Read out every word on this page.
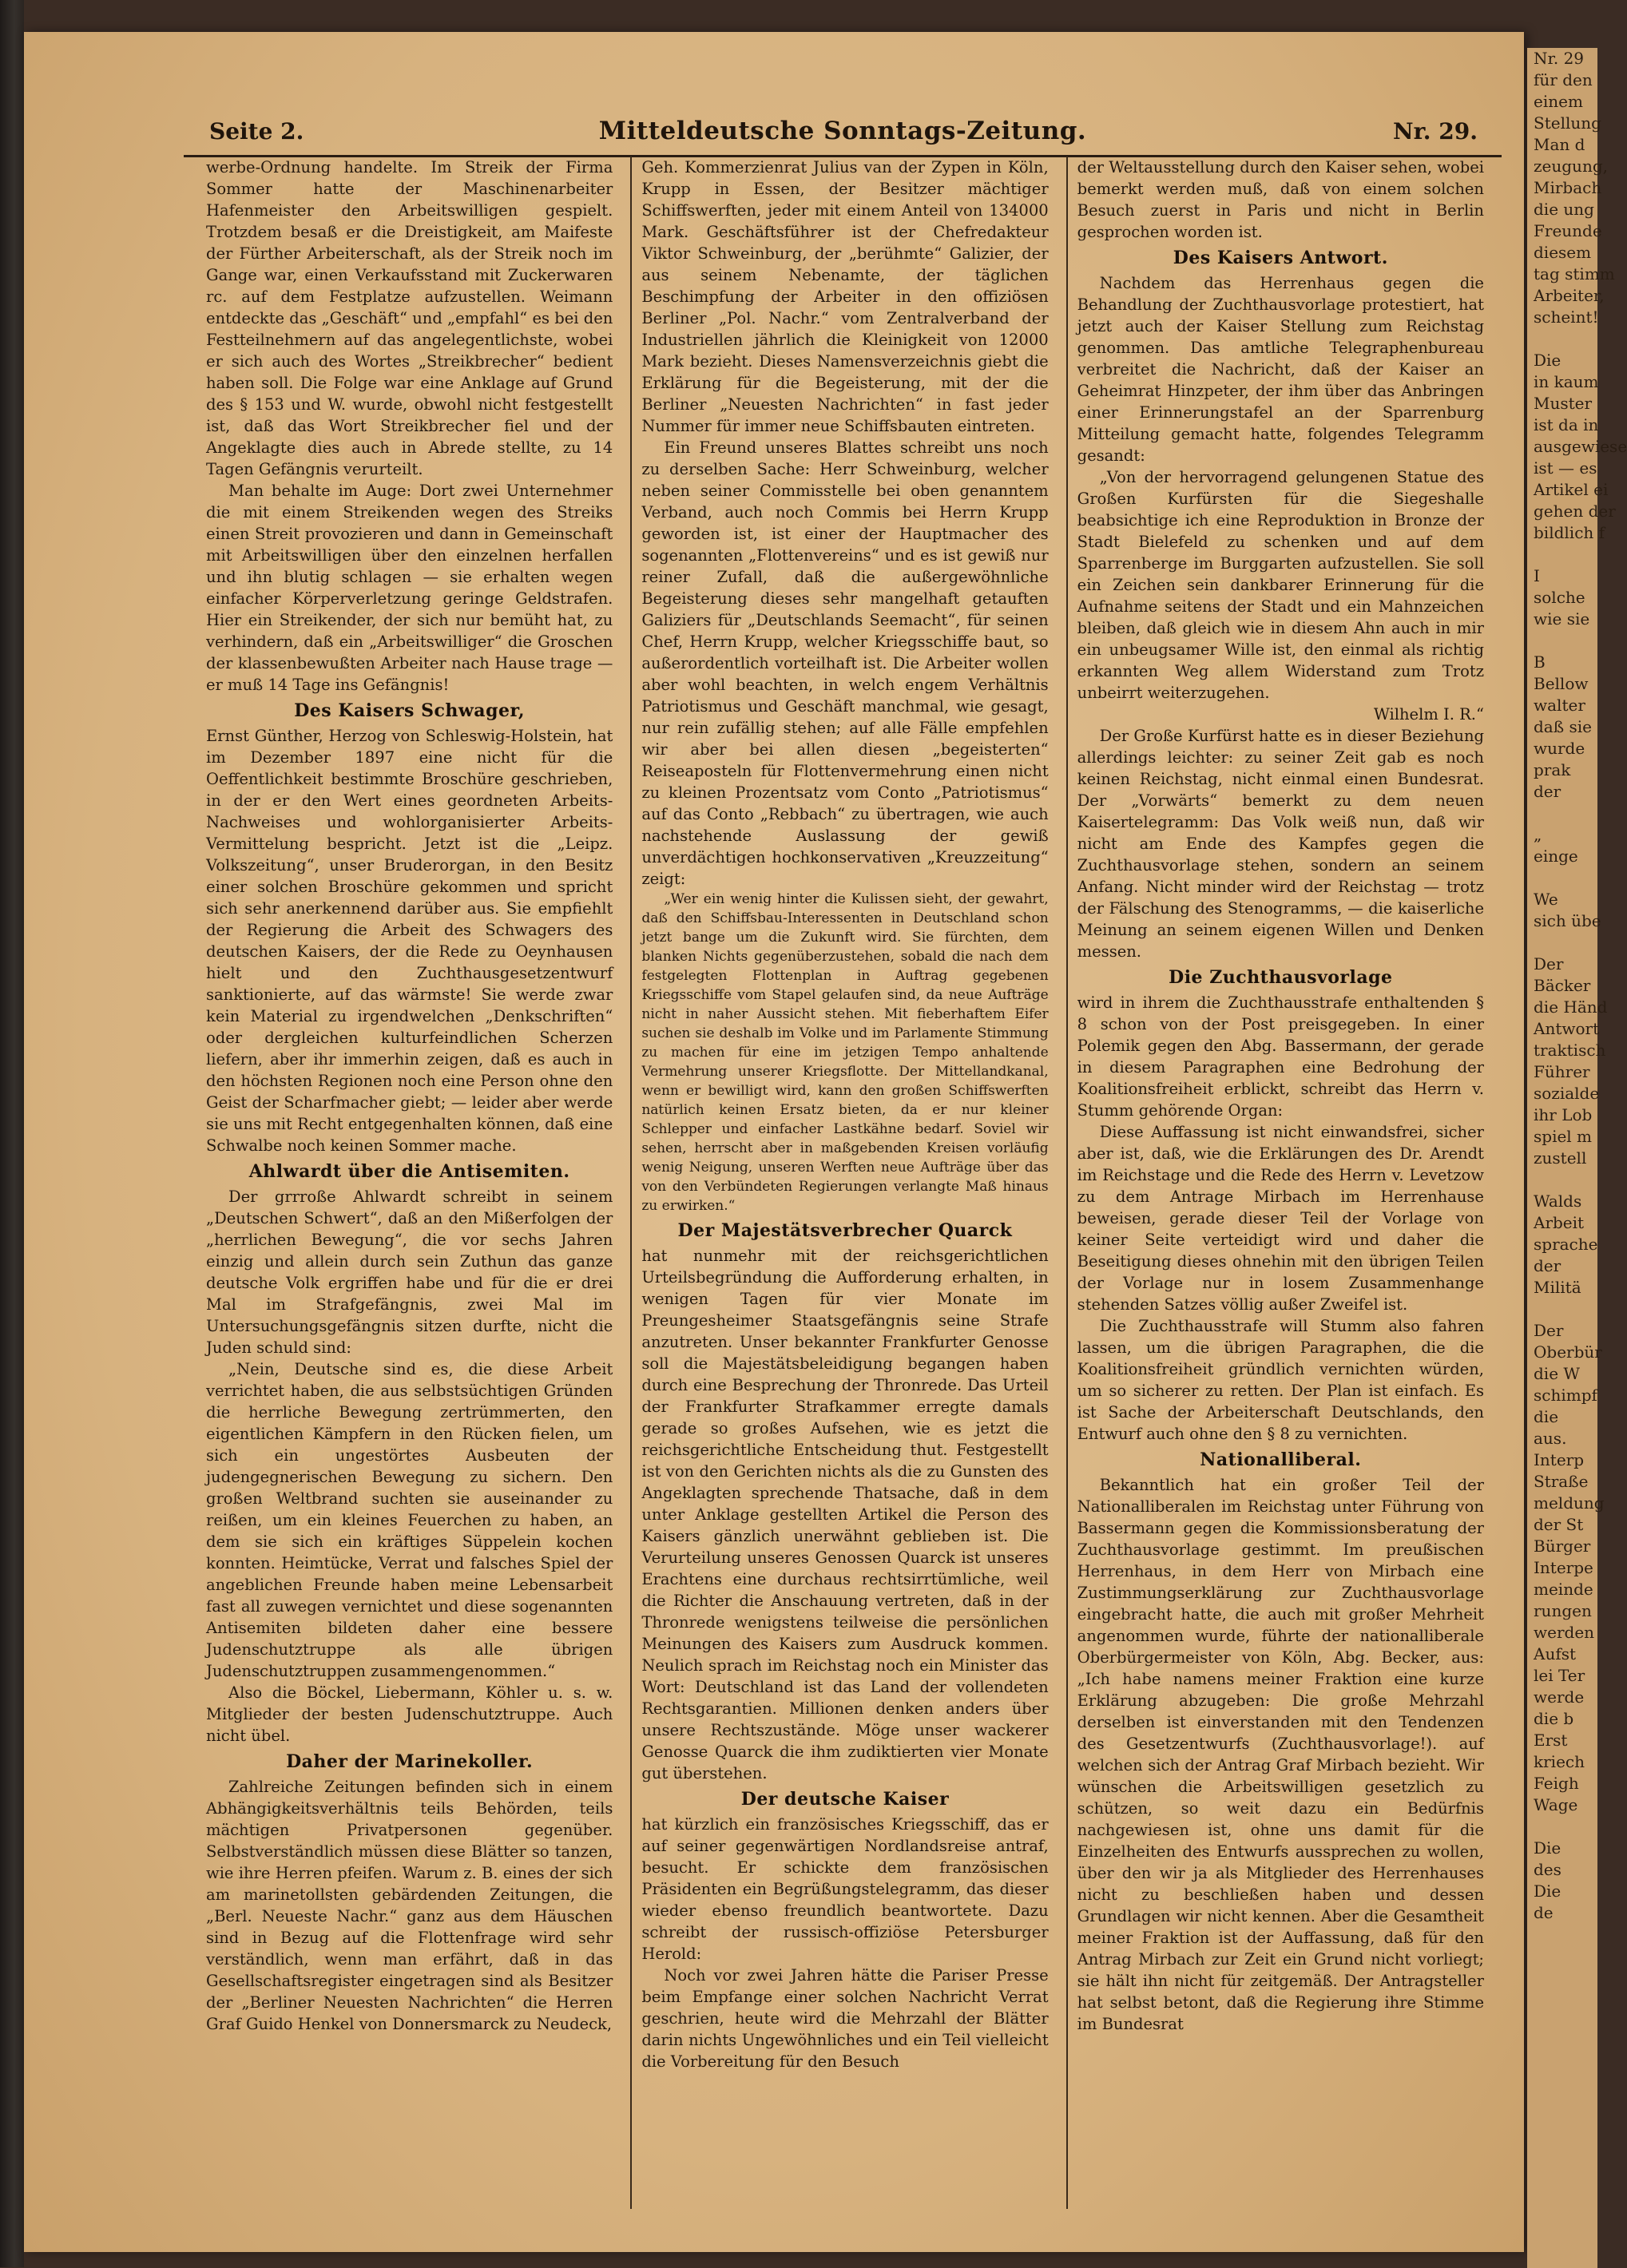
Nr. 29
für den
einem
Stellung
Man d
zeugung,
Mirbach
die ung
Freunde
diesem
tag stimm
Arbeiter,
scheint!

Die
in kaum
Muster
ist da in
ausgewiese
ist — es
Artikel ei
gehen der
bildlich f

I
solche
wie sie

B
Bellow
walter
daß sie
wurde
prak
der

„
einge

We
sich übe

Der
Bäcker
die Händ
Antwort
traktisch
Führer
sozialde
ihr Lob
spiel m
zustell

Walds
Arbeit
sprache
der
Militä

Der
Oberbür
die W
schimpf
die
aus.
Interp
Straße
meldung
der St
Bürger
Interpe
meinde
rungen
werden
Aufst
lei Ter
werde
die b
Erst
kriech
Feigh
Wage

Die
des
Die
de
Seite 2.	Mitteldeutsche Sonntags-Zeitung.	Nr. 29.

werbe-Ordnung handelte. Im Streik der Firma Sommer hatte der Maschinenarbeiter Hafenmeister den Arbeitswilligen gespielt. Trotzdem besaß er die Dreistigkeit, am Maifeste der Fürther Arbeiterschaft, als der Streik noch im Gange war, einen Verkaufsstand mit Zuckerwaren rc. auf dem Festplatze aufzustellen. Weimann entdeckte das „Geschäft“ und „empfahl“ es bei den Festteilnehmern auf das angelegentlichste, wobei er sich auch des Wortes „Streikbrecher“ bedient haben soll. Die Folge war eine Anklage auf Grund des § 153 und W. wurde, obwohl nicht festgestellt ist, daß das Wort Streikbrecher fiel und der Angeklagte dies auch in Abrede stellte, zu 14 Tagen Gefängnis verurteilt.

Man behalte im Auge: Dort zwei Unternehmer die mit einem Streikenden wegen des Streiks einen Streit provozieren und dann in Gemeinschaft mit Arbeitswilligen über den einzelnen herfallen und ihn blutig schlagen — sie erhalten wegen einfacher Körperverletzung geringe Geldstrafen. Hier ein Streikender, der sich nur bemüht hat, zu verhindern, daß ein „Arbeitswilliger“ die Groschen der klassenbewußten Arbeiter nach Hause trage — er muß 14 Tage ins Gefängnis!

Des Kaisers Schwager,

Ernst Günther, Herzog von Schleswig-Holstein, hat im Dezember 1897 eine nicht für die Oeffentlichkeit bestimmte Broschüre geschrieben, in der er den Wert eines geordneten Arbeits-Nachweises und wohlorganisierter Arbeits-Vermittelung bespricht. Jetzt ist die „Leipz. Volkszeitung“, unser Bruderorgan, in den Besitz einer solchen Broschüre gekommen und spricht sich sehr anerkennend darüber aus. Sie empfiehlt der Regierung die Arbeit des Schwagers des deutschen Kaisers, der die Rede zu Oeynhausen hielt und den Zuchthausgesetzentwurf sanktionierte, auf das wärmste! Sie werde zwar kein Material zu irgendwelchen „Denkschriften“ oder dergleichen kulturfeindlichen Scherzen liefern, aber ihr immerhin zeigen, daß es auch in den höchsten Regionen noch eine Person ohne den Geist der Scharfmacher giebt; — leider aber werde sie uns mit Recht entgegenhalten können, daß eine Schwalbe noch keinen Sommer mache.

Ahlwardt über die Antisemiten.

Der grrroße Ahlwardt schreibt in seinem „Deutschen Schwert“, daß an den Mißerfolgen der „herrlichen Bewegung“, die vor sechs Jahren einzig und allein durch sein Zuthun das ganze deutsche Volk ergriffen habe und für die er drei Mal im Strafgefängnis, zwei Mal im Untersuchungsgefängnis sitzen durfte, nicht die Juden schuld sind:

„Nein, Deutsche sind es, die diese Arbeit verrichtet haben, die aus selbstsüchtigen Gründen die herrliche Bewegung zertrümmerten, den eigentlichen Kämpfern in den Rücken fielen, um sich ein ungestörtes Ausbeuten der judengegnerischen Bewegung zu sichern. Den großen Weltbrand suchten sie auseinander zu reißen, um ein kleines Feuerchen zu haben, an dem sie sich ein kräftiges Süppelein kochen konnten. Heimtücke, Verrat und falsches Spiel der angeblichen Freunde haben meine Lebensarbeit fast all zuwegen vernichtet und diese sogenannten Antisemiten bildeten daher eine bessere Judenschutztruppe als alle übrigen Judenschutztruppen zusammengenommen.“

Also die Böckel, Liebermann, Köhler u. s. w. Mitglieder der besten Judenschutztruppe. Auch nicht übel.

Daher der Marinekoller.

Zahlreiche Zeitungen befinden sich in einem Abhängigkeitsverhältnis teils Behörden, teils mächtigen Privatpersonen gegenüber. Selbstverständlich müssen diese Blätter so tanzen, wie ihre Herren pfeifen. Warum z. B. eines der sich am marinetollsten gebärdenden Zeitungen, die „Berl. Neueste Nachr.“ ganz aus dem Häuschen sind in Bezug auf die Flottenfrage wird sehr verständlich, wenn man erfährt, daß in das Gesellschaftsregister eingetragen sind als Besitzer der „Berliner Neuesten Nachrichten“ die Herren Graf Guido Henkel von Donnersmarck zu Neudeck,

Geh. Kommerzienrat Julius van der Zypen in Köln, Krupp in Essen, der Besitzer mächtiger Schiffswerften, jeder mit einem Anteil von 134000 Mark. Geschäftsführer ist der Chefredakteur Viktor Schweinburg, der „berühmte“ Galizier, der aus seinem Nebenamte, der täglichen Beschimpfung der Arbeiter in den offiziösen Berliner „Pol. Nachr.“ vom Zentralverband der Industriellen jährlich die Kleinigkeit von 12000 Mark bezieht. Dieses Namensverzeichnis giebt die Erklärung für die Begeisterung, mit der die Berliner „Neuesten Nachrichten“ in fast jeder Nummer für immer neue Schiffsbauten eintreten.

Ein Freund unseres Blattes schreibt uns noch zu derselben Sache: Herr Schweinburg, welcher neben seiner Commisstelle bei oben genanntem Verband, auch noch Commis bei Herrn Krupp geworden ist, ist einer der Hauptmacher des sogenannten „Flottenvereins“ und es ist gewiß nur reiner Zufall, daß die außergewöhnliche Begeisterung dieses sehr mangelhaft getauften Galiziers für „Deutschlands Seemacht“, für seinen Chef, Herrn Krupp, welcher Kriegsschiffe baut, so außerordentlich vorteilhaft ist. Die Arbeiter wollen aber wohl beachten, in welch engem Verhältnis Patriotismus und Geschäft manchmal, wie gesagt, nur rein zufällig stehen; auf alle Fälle empfehlen wir aber bei allen diesen „begeisterten“ Reiseaposteln für Flottenvermehrung einen nicht zu kleinen Prozentsatz vom Conto „Patriotismus“ auf das Conto „Rebbach“ zu übertragen, wie auch nachstehende Auslassung der gewiß unverdächtigen hochkonservativen „Kreuzzeitung“ zeigt:

„Wer ein wenig hinter die Kulissen sieht, der gewahrt, daß den Schiffsbau-Interessenten in Deutschland schon jetzt bange um die Zukunft wird. Sie fürchten, dem blanken Nichts gegenüberzustehen, sobald die nach dem festgelegten Flottenplan in Auftrag gegebenen Kriegsschiffe vom Stapel gelaufen sind, da neue Aufträge nicht in naher Aussicht stehen. Mit fieberhaftem Eifer suchen sie deshalb im Volke und im Parlamente Stimmung zu machen für eine im jetzigen Tempo anhaltende Vermehrung unserer Kriegsflotte. Der Mittellandkanal, wenn er bewilligt wird, kann den großen Schiffswerften natürlich keinen Ersatz bieten, da er nur kleiner Schlepper und einfacher Lastkähne bedarf. Soviel wir sehen, herrscht aber in maßgebenden Kreisen vorläufig wenig Neigung, unseren Werften neue Aufträge über das von den Verbündeten Regierungen verlangte Maß hinaus zu erwirken.“

Der Majestätsverbrecher Quarck

hat nunmehr mit der reichsgerichtlichen Urteilsbegründung die Aufforderung erhalten, in wenigen Tagen für vier Monate im Preungesheimer Staatsgefängnis seine Strafe anzutreten. Unser bekannter Frankfurter Genosse soll die Majestätsbeleidigung begangen haben durch eine Besprechung der Thronrede. Das Urteil der Frankfurter Strafkammer erregte damals gerade so großes Aufsehen, wie es jetzt die reichsgerichtliche Entscheidung thut. Festgestellt ist von den Gerichten nichts als die zu Gunsten des Angeklagten sprechende Thatsache, daß in dem unter Anklage gestellten Artikel die Person des Kaisers gänzlich unerwähnt geblieben ist. Die Verurteilung unseres Genossen Quarck ist unseres Erachtens eine durchaus rechtsirrtümliche, weil die Richter die Anschauung vertreten, daß in der Thronrede wenigstens teilweise die persönlichen Meinungen des Kaisers zum Ausdruck kommen. Neulich sprach im Reichstag noch ein Minister das Wort: Deutschland ist das Land der vollendeten Rechtsgarantien. Millionen denken anders über unsere Rechtszustände. Möge unser wackerer Genosse Quarck die ihm zudiktierten vier Monate gut überstehen.

Der deutsche Kaiser

hat kürzlich ein französisches Kriegsschiff, das er auf seiner gegenwärtigen Nordlandsreise antraf, besucht. Er schickte dem französischen Präsidenten ein Begrüßungstelegramm, das dieser wieder ebenso freundlich beantwortete. Dazu schreibt der russisch-offiziöse Petersburger Herold:

Noch vor zwei Jahren hätte die Pariser Presse beim Empfange einer solchen Nachricht Verrat geschrien, heute wird die Mehrzahl der Blätter darin nichts Ungewöhnliches und ein Teil vielleicht die Vorbereitung für den Besuch

der Weltausstellung durch den Kaiser sehen, wobei bemerkt werden muß, daß von einem solchen Besuch zuerst in Paris und nicht in Berlin gesprochen worden ist.

Des Kaisers Antwort.

Nachdem das Herrenhaus gegen die Behandlung der Zuchthausvorlage protestiert, hat jetzt auch der Kaiser Stellung zum Reichstag genommen. Das amtliche Telegraphenbureau verbreitet die Nachricht, daß der Kaiser an Geheimrat Hinzpeter, der ihm über das Anbringen einer Erinnerungstafel an der Sparrenburg Mitteilung gemacht hatte, folgendes Telegramm gesandt:

„Von der hervorragend gelungenen Statue des Großen Kurfürsten für die Siegeshalle beabsichtige ich eine Reproduktion in Bronze der Stadt Bielefeld zu schenken und auf dem Sparrenberge im Burggarten aufzustellen. Sie soll ein Zeichen sein dankbarer Erinnerung für die Aufnahme seitens der Stadt und ein Mahnzeichen bleiben, daß gleich wie in diesem Ahn auch in mir ein unbeugsamer Wille ist, den einmal als richtig erkannten Weg allem Widerstand zum Trotz unbeirrt weiterzugehen.

Wilhelm I. R.“

Der Große Kurfürst hatte es in dieser Beziehung allerdings leichter: zu seiner Zeit gab es noch keinen Reichstag, nicht einmal einen Bundesrat. Der „Vorwärts“ bemerkt zu dem neuen Kaisertelegramm: Das Volk weiß nun, daß wir nicht am Ende des Kampfes gegen die Zuchthausvorlage stehen, sondern an seinem Anfang. Nicht minder wird der Reichstag — trotz der Fälschung des Stenogramms, — die kaiserliche Meinung an seinem eigenen Willen und Denken messen.

Die Zuchthausvorlage

wird in ihrem die Zuchthausstrafe enthaltenden § 8 schon von der Post preisgegeben. In einer Polemik gegen den Abg. Bassermann, der gerade in diesem Paragraphen eine Bedrohung der Koalitionsfreiheit erblickt, schreibt das Herrn v. Stumm gehörende Organ:

Diese Auffassung ist nicht einwandsfrei, sicher aber ist, daß, wie die Erklärungen des Dr. Arendt im Reichstage und die Rede des Herrn v. Levetzow zu dem Antrage Mirbach im Herrenhause beweisen, gerade dieser Teil der Vorlage von keiner Seite verteidigt wird und daher die Beseitigung dieses ohnehin mit den übrigen Teilen der Vorlage nur in losem Zusammenhange stehenden Satzes völlig außer Zweifel ist.

Die Zuchthausstrafe will Stumm also fahren lassen, um die übrigen Paragraphen, die die Koalitionsfreiheit gründlich vernichten würden, um so sicherer zu retten. Der Plan ist einfach. Es ist Sache der Arbeiterschaft Deutschlands, den Entwurf auch ohne den § 8 zu vernichten.

Nationalliberal.

Bekanntlich hat ein großer Teil der Nationalliberalen im Reichstag unter Führung von Bassermann gegen die Kommissionsberatung der Zuchthausvorlage gestimmt. Im preußischen Herrenhaus, in dem Herr von Mirbach eine Zustimmungserklärung zur Zuchthausvorlage eingebracht hatte, die auch mit großer Mehrheit angenommen wurde, führte der nationalliberale Oberbürgermeister von Köln, Abg. Becker, aus: „Ich habe namens meiner Fraktion eine kurze Erklärung abzugeben: Die große Mehrzahl derselben ist einverstanden mit den Tendenzen des Gesetzentwurfs (Zuchthausvorlage!). auf welchen sich der Antrag Graf Mirbach bezieht. Wir wünschen die Arbeitswilligen gesetzlich zu schützen, so weit dazu ein Bedürfnis nachgewiesen ist, ohne uns damit für die Einzelheiten des Entwurfs aussprechen zu wollen, über den wir ja als Mitglieder des Herrenhauses nicht zu beschließen haben und dessen Grundlagen wir nicht kennen. Aber die Gesamtheit meiner Fraktion ist der Auffassung, daß für den Antrag Mirbach zur Zeit ein Grund nicht vorliegt; sie hält ihn nicht für zeitgemäß. Der Antragsteller hat selbst betont, daß die Regierung ihre Stimme im Bundesrat
